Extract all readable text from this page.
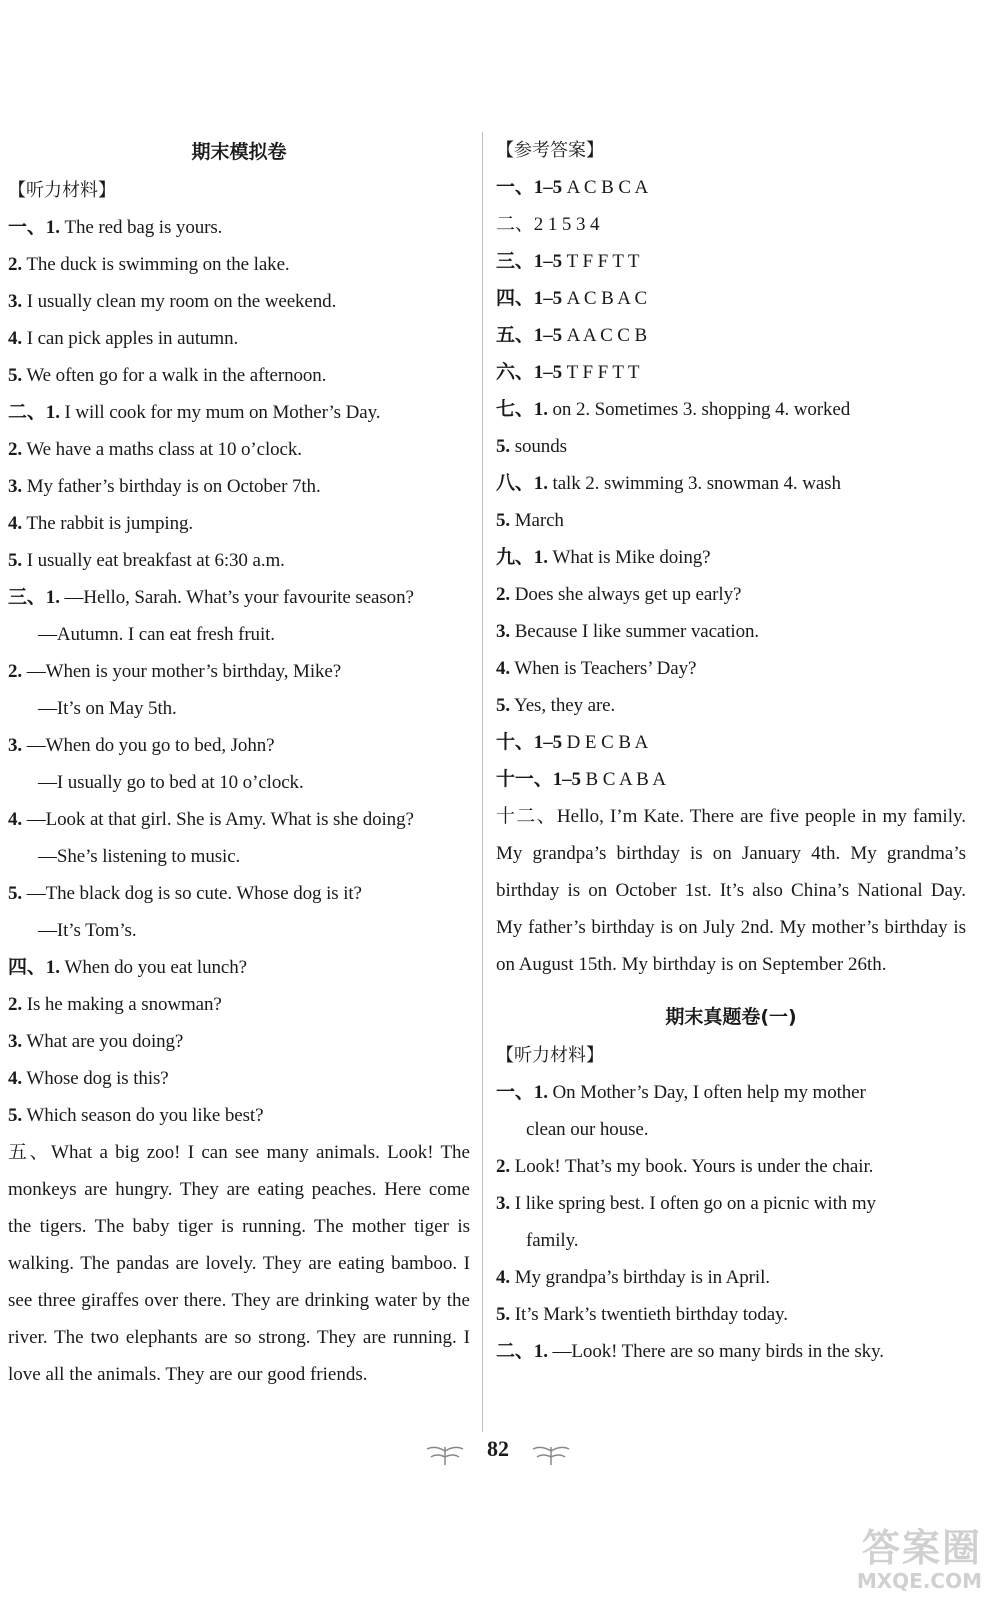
期末模拟卷
【听力材料】
一、1. The red bag is yours.
2. The duck is swimming on the lake.
3. I usually clean my room on the weekend.
4. I can pick apples in autumn.
5. We often go for a walk in the afternoon.
二、1. I will cook for my mum on Mother’s Day.
2. We have a maths class at 10 o’clock.
3. My father’s birthday is on October 7th.
4. The rabbit is jumping.
5. I usually eat breakfast at 6:30 a.m.
三、1. —Hello, Sarah. What’s your favourite season?
—Autumn. I can eat fresh fruit.
2. —When is your mother’s birthday, Mike?
—It’s on May 5th.
3. —When do you go to bed, John?
—I usually go to bed at 10 o’clock.
4. —Look at that girl. She is Amy. What is she doing?
—She’s listening to music.
5. —The black dog is so cute. Whose dog is it?
—It’s Tom’s.
四、1. When do you eat lunch?
2. Is he making a snowman?
3. What are you doing?
4. Whose dog is this?
5. Which season do you like best?
五、What a big zoo! I can see many animals. Look! The monkeys are hungry. They are eating peaches. Here come the tigers. The baby tiger is running. The mother tiger is walking. The pandas are lovely. They are eating bamboo. I see three giraffes over there. They are drinking water by the river. The two elephants are so strong. They are running. I love all the animals. They are our good friends.
【参考答案】
一、1–5 A C B C A
二、2 1 5 3 4
三、1–5 T F F T T
四、1–5 A C B A C
五、1–5 A A C C B
六、1–5 T F F T T
七、1. on 2. Sometimes 3. shopping 4. worked
5. sounds
八、1. talk 2. swimming 3. snowman 4. wash
5. March
九、1. What is Mike doing?
2. Does she always get up early?
3. Because I like summer vacation.
4. When is Teachers’ Day?
5. Yes, they are.
十、1–5 D E C B A
十一、1–5 B C A B A
十二、Hello, I’m Kate. There are five people in my family. My grandpa’s birthday is on January 4th. My grandma’s birthday is on October 1st. It’s also China’s National Day. My father’s birthday is on July 2nd. My mother’s birthday is on August 15th. My birthday is on September 26th.
期末真题卷(一)
【听力材料】
一、1. On Mother’s Day, I often help my mother
clean our house.
2. Look! That’s my book. Yours is under the chair.
3. I like spring best. I often go on a picnic with my
family.
4. My grandpa’s birthday is in April.
5. It’s Mark’s twentieth birthday today.
二、1. —Look! There are so many birds in the sky.
82
答案圈
MXQE.COM
